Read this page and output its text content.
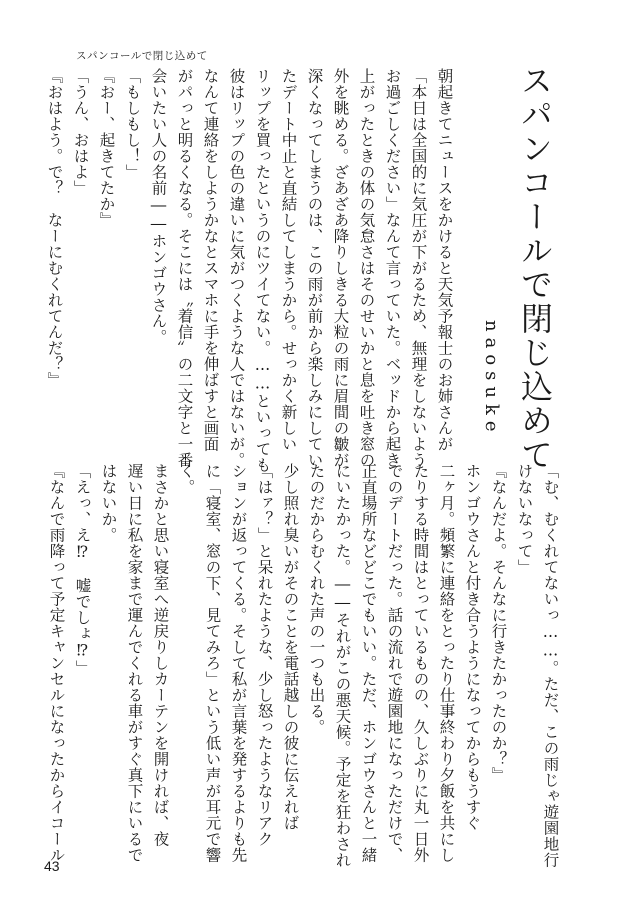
スパンコールで閉じ込めて
スパンコールで閉じ込めて
naosuke
朝起きてニュースをかけると天気予報士のお姉さんが
「本日は全国的に気圧が下がるため、無理をしないよう
お過ごしください」なんて言っていた。ベッドから起き
上がったときの体の気怠さはそのせいかと息を吐き窓の
外を眺める。ざあざあ降りしきる大粒の雨に眉間の皺が
深くなってしまうのは、この雨が前から楽しみにしてい
たデート中止と直結してしまうから。せっかく新しい
リップを買ったというのにツイてない。……といっても
彼はリップの色の違いに気がつくような人ではないが。
なんて連絡をしようかなとスマホに手を伸ばすと画面
がパっと明るくなる。そこには〝着信〟の二文字と一番
会いたい人の名前――ホンゴウさん。
「もしもし！」
『おー、起きてたか』
「うん、おはよ」
『おはよう。で？　なーにむくれてんだ？』
「む、むくれてないっ……。ただ、この雨じゃ遊園地行
けないなって」
『なんだよ。そんなに行きたかったのか？』
ホンゴウさんと付き合うようになってからもうすぐ
二ヶ月。頻繁に連絡をとったり仕事終わり夕飯を共にし
たりする時間はとっているものの、久しぶりに丸一日外
でのデートだった。話の流れで遊園地になっただけで、
正直場所などどこでもいい。ただ、ホンゴウさんと一緒
にいたかった。――それがこの悪天候。予定を狂わされ
たのだからむくれた声の一つも出る。
少し照れ臭いがそのことを電話越しの彼に伝えれば
「はァ？」と呆れたような、少し怒ったようなリアク
ションが返ってくる。そして私が言葉を発するよりも先
に「寝室、窓の下、見てみろ」という低い声が耳元で響
く。
まさかと思い寝室へ逆戻りしカーテンを開ければ、夜
遅い日に私を家まで運んでくれる車がすぐ真下にいるで
はないか。
「えっ、え⁉　嘘でしょ⁉」
『なんで雨降って予定キャンセルになったからイコール
43
